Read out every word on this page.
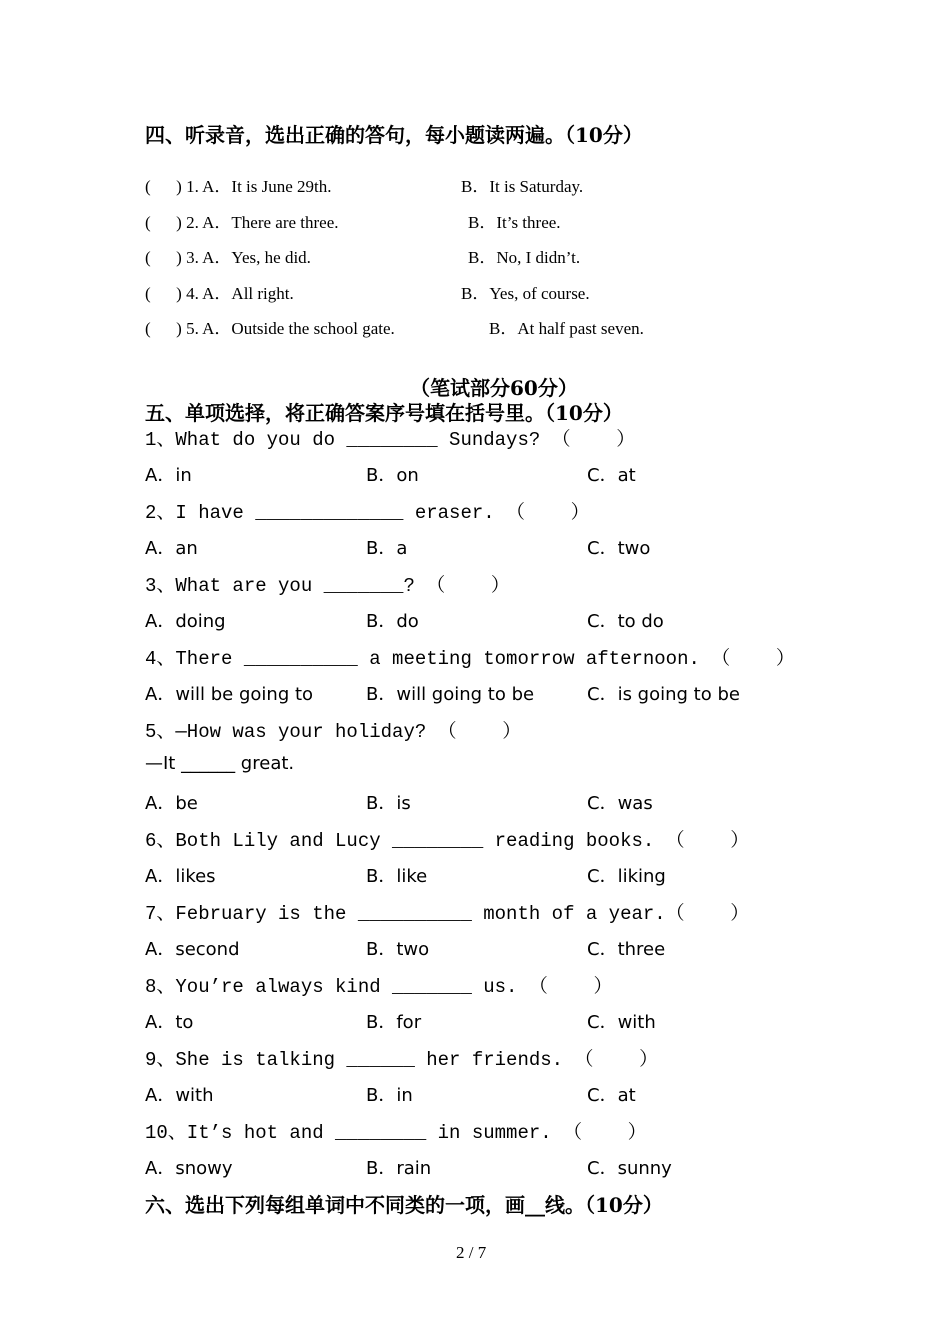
四、听录音，选出正确的答句，每小题读两遍。（10分）
(      ) 1. A．It is June 29th.	B．It is Saturday.
(      ) 2. A．There are three.	B．It’s three.
(      ) 3. A．Yes, he did.	B．No, I didn’t.
(      ) 4. A．All right.	B．Yes, of course.
(      ) 5. A．Outside the school gate.	B．At half past seven.
（笔试部分60分）
五、单项选择，将正确答案序号填在括号里。（10分）
1、What do you do ________ Sundays? （    ）
A．in	B．on	C．at
2、I have _____________ eraser. （    ）
A．an	B．a	C．two
3、What are you _______? （    ）
A．doing	B．do	C．to do
4、There __________ a meeting tomorrow afternoon. （    ）
A．will be going to	B．will going to be	C．is going to be
5、—How was your holiday? （    ）
—It ______ great.
A．be	B．is	C．was
6、Both Lily and Lucy ________ reading books. （    ）
A．likes	B．like	C．liking
7、February is the __________ month of a year.（    ）
A．second	B．two	C．three
8、You’re always kind _______ us. （    ）
A．to	B．for	C．with
9、She is talking ______ her friends. （    ）
A．with	B．in	C．at
10、It’s hot and ________ in summer. （    ）
A．snowy	B．rain	C．sunny
六、选出下列每组单词中不同类的一项，画__线。（10分）
2 / 7
